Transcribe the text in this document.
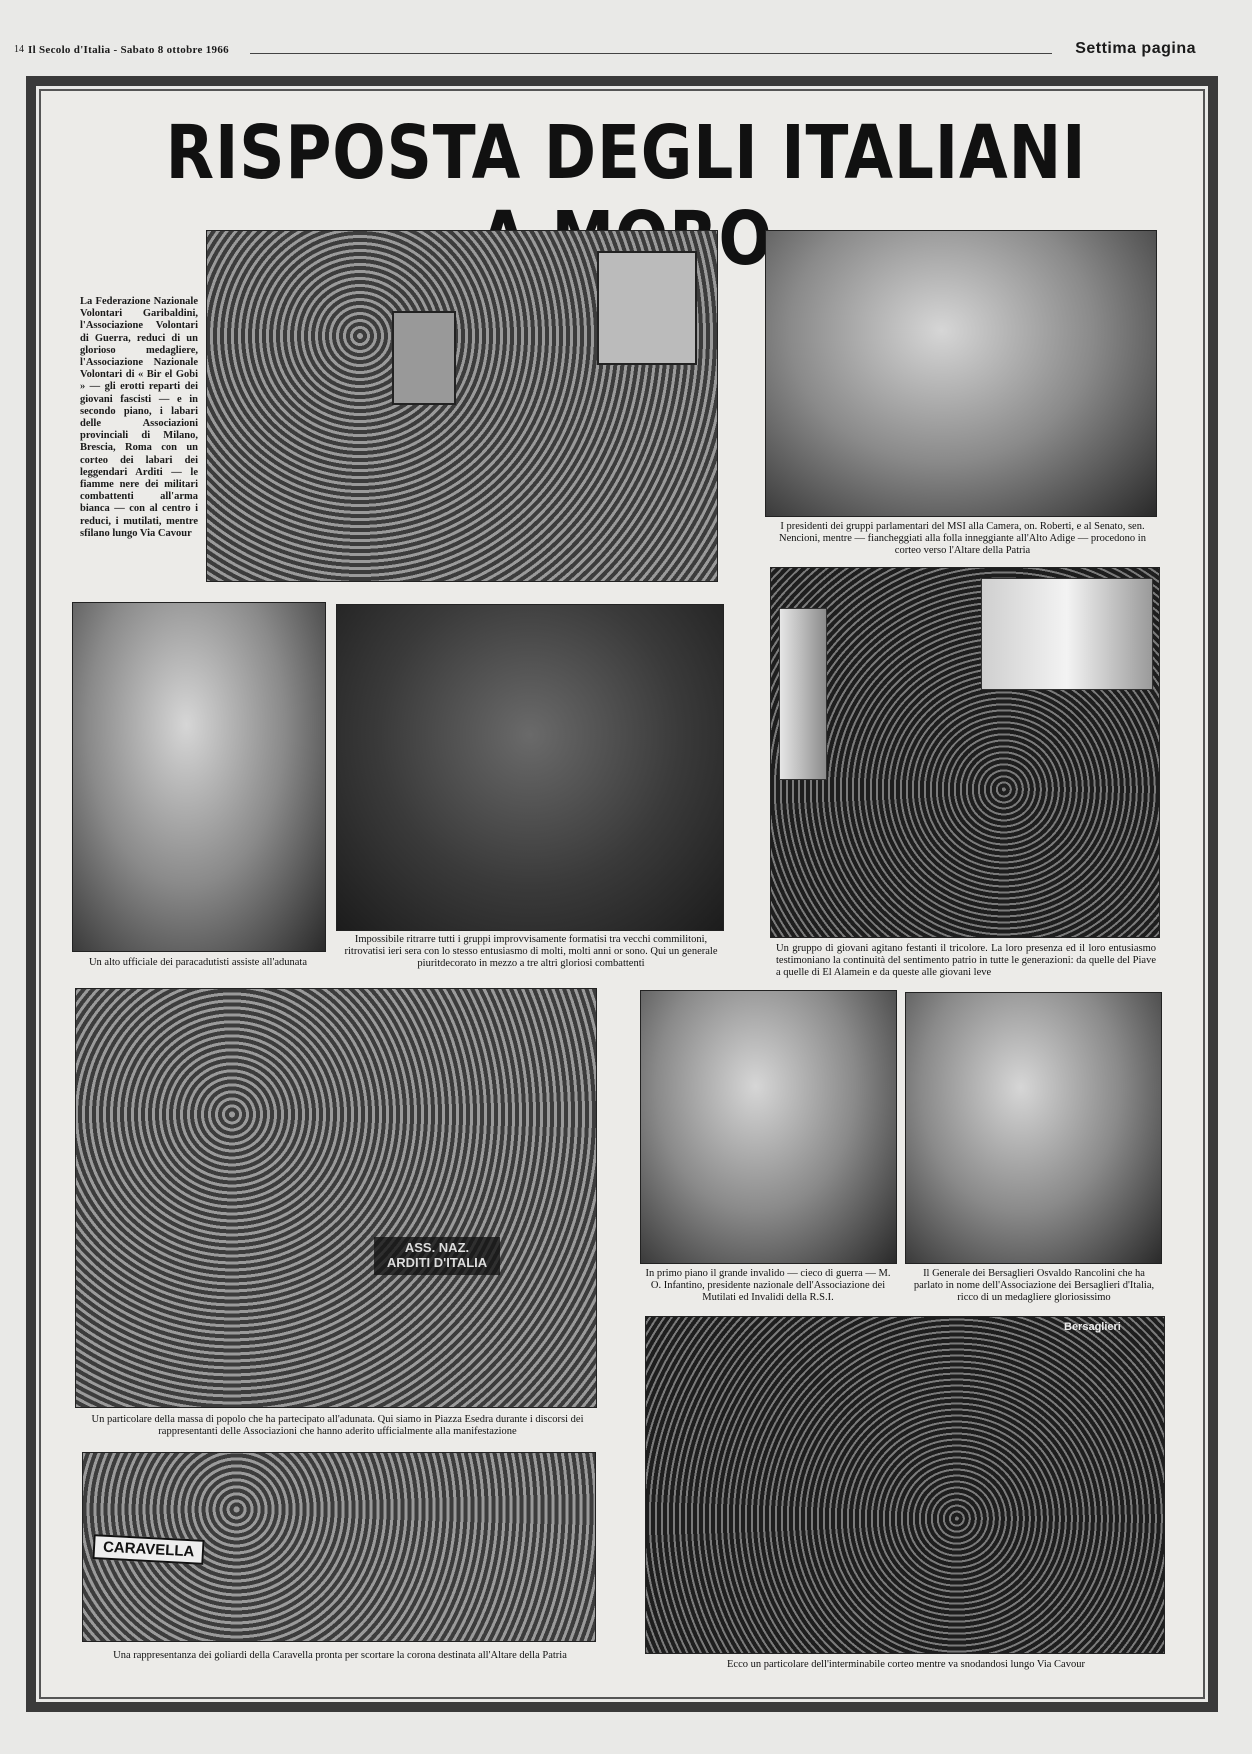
14 Il Secolo d'Italia - Sabato 8 ottobre 1966	Settima pagina
RISPOSTA DEGLI ITALIANI
La Federazione Nazionale Volontari Garibaldini, l'Associazione Volontari di Guerra, reduci di un glorioso medagliere, l'Associazione Nazionale Volontari di « Bir el Gobi » — gli erotti reparti dei giovani fascisti — e in secondo piano, i labari delle Associazioni provinciali di Milano, Brescia, Roma con un corteo dei labari dei leggendari Arditi — le fiamme nere dei militari combattenti all'arma bianca — con al centro i reduci, i mutilati, mentre sfilano lungo Via Cavour
I presidenti dei gruppi parlamentari del MSI alla Camera, on. Roberti, e al Senato, sen. Nencioni, mentre — fiancheggiati alla folla inneggiante all'Alto Adige — procedono in corteo verso l'Altare della Patria
Un alto ufficiale dei paracadutisti assiste all'adunata
Impossibile ritrarre tutti i gruppi improvvisamente formatisi tra vecchi commilitoni, ritrovatisi ieri sera con lo stesso entusiasmo di molti, molti anni or sono. Qui un generale piuritdecorato in mezzo a tre altri gloriosi combattenti
Un gruppo di giovani agitano festanti il tricolore. La loro presenza ed il loro entusiasmo testimoniano la continuità del sentimento patrio in tutte le generazioni: da quelle del Piave a quelle di El Alamein e da queste alle giovani leve
ASS. NAZ.
ARDITI D'ITALIA
Un particolare della massa di popolo che ha partecipato all'adunata. Qui siamo in Piazza Esedra durante i discorsi dei rappresentanti delle Associazioni che hanno aderito ufficialmente alla manifestazione
In primo piano il grande invalido — cieco di guerra — M. O. Infantino, presidente nazionale dell'Associazione dei Mutilati ed Invalidi della R.S.I.
Il Generale dei Bersaglieri Osvaldo Rancolini che ha parlato in nome dell'Associazione dei Bersaglieri d'Italia, ricco di un medagliere gloriosissimo
CARAVELLA
Una rappresentanza dei goliardi della Caravella pronta per scortare la corona destinata all'Altare della Patria
Bersaglieri
Ecco un particolare dell'interminabile corteo mentre va snodandosi lungo Via Cavour
